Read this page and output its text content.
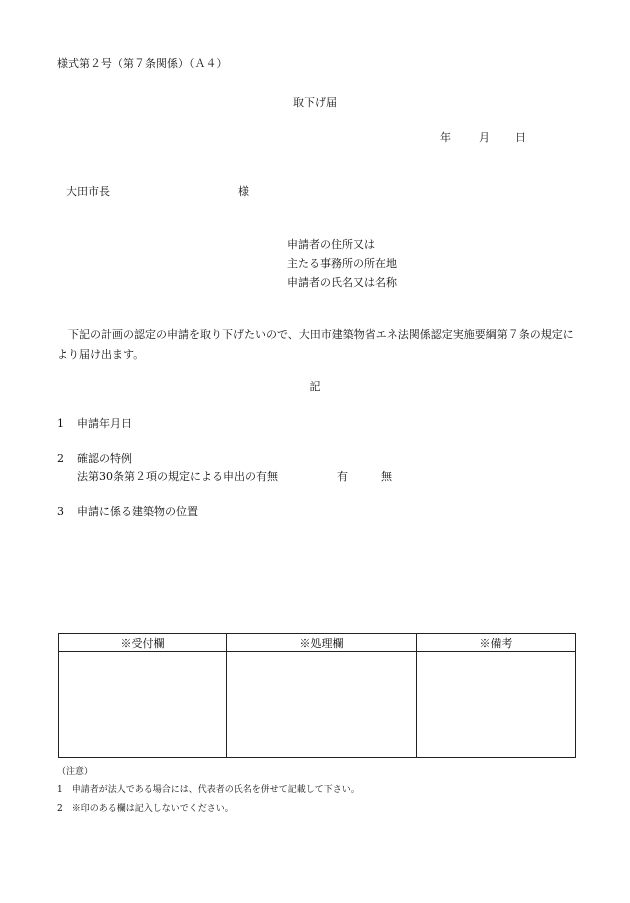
様式第２号（第７条関係）（Ａ４）
取下げ届
年	月 日
大田市長	様
申請者の住所又は
主たる事務所の所在地
申請者の氏名又は名称
下記の計画の認定の申請を取り下げたいので、大田市建築物省エネ法関係認定実施要綱第７条の規定により届け出ます。
記
1 申請年月日
2 確認の特例
法第30条第２項の規定による申出の有無	有	無
3 申請に係る建築物の位置
※受付欄	※処理欄	※備考

（注意）
1　申請者が法人である場合には、代表者の氏名を併せて記載して下さい。
2　※印のある欄は記入しないでください。
